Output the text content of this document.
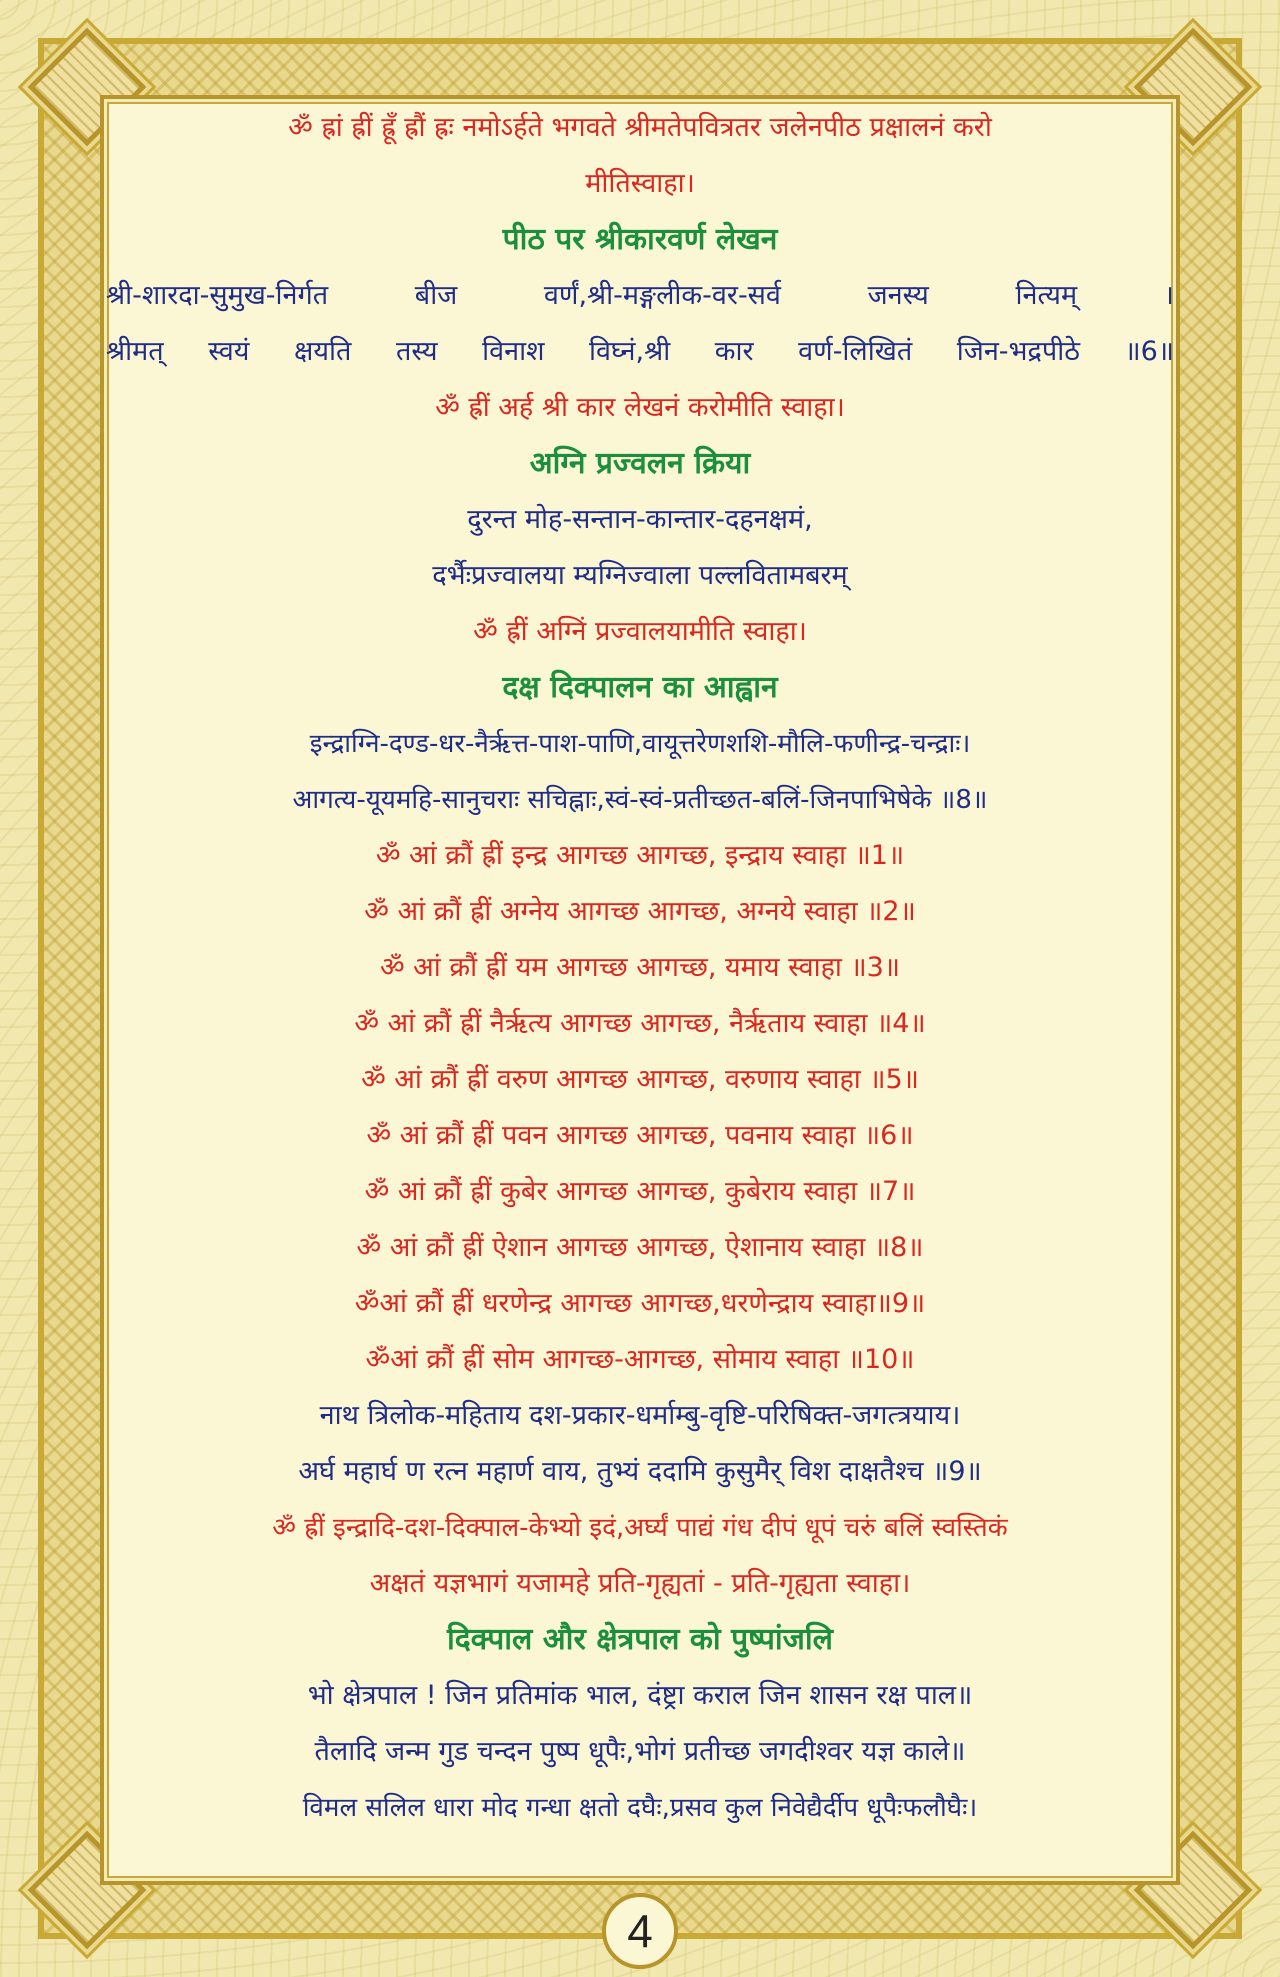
ॐ ह्रां ह्रीं ह्रूँ ह्रौं ह्रः नमोऽर्हते भगवते श्रीमतेपवित्रतर जलेनपीठ प्रक्षालनं करो
मीतिस्वाहा।
पीठ पर श्रीकारवर्ण लेखन
श्री-शारदा-सुमुख-निर्गत बीज वर्णं,श्री-मङ्गलीक-वर-सर्व जनस्य नित्यम् ।
श्रीमत् स्वयं क्षयति तस्य विनाश विघ्नं,श्री कार वर्ण-लिखितं जिन-भद्रपीठे ॥6॥
ॐ ह्रीं अर्ह श्री कार लेखनं करोमीति स्वाहा।
अग्नि प्रज्वलन क्रिया
दुरन्त मोह-सन्तान-कान्तार-दहनक्षमं,
दर्भैःप्रज्वालया म्यग्निज्वाला पल्लवितामबरम्
ॐ ह्रीं अग्निं प्रज्वालयामीति स्वाहा।
दक्ष दिक्पालन का आह्वान
इन्द्राग्नि-दण्ड-धर-नैर्ऋत्त-पाश-पाणि,वायूत्तरेणशशि-मौलि-फणीन्द्र-चन्द्राः।
आगत्य-यूयमहि-सानुचराः सचिह्नाः,स्वं-स्वं-प्रतीच्छत-बलिं-जिनपाभिषेके ॥8॥
ॐ आं क्रौं ह्रीं इन्द्र आगच्छ आगच्छ, इन्द्राय स्वाहा ॥1॥
ॐ आं क्रौं ह्रीं अग्नेय आगच्छ आगच्छ, अग्नये स्वाहा ॥2॥
ॐ आं क्रौं ह्रीं यम आगच्छ आगच्छ, यमाय स्वाहा ॥3॥
ॐ आं क्रौं ह्रीं नैर्ऋत्य आगच्छ आगच्छ, नैर्ऋताय स्वाहा ॥4॥
ॐ आं क्रौं ह्रीं वरुण आगच्छ आगच्छ, वरुणाय स्वाहा ॥5॥
ॐ आं क्रौं ह्रीं पवन आगच्छ आगच्छ, पवनाय स्वाहा ॥6॥
ॐ आं क्रौं ह्रीं कुबेर आगच्छ आगच्छ, कुबेराय स्वाहा ॥7॥
ॐ आं क्रौं ह्रीं ऐशान आगच्छ आगच्छ, ऐशानाय स्वाहा ॥8॥
ॐआं क्रौं ह्रीं धरणेन्द्र आगच्छ आगच्छ,धरणेन्द्राय स्वाहा॥9॥
ॐआं क्रौं ह्रीं सोम आगच्छ-आगच्छ, सोमाय स्वाहा ॥10॥
नाथ त्रिलोक-महिताय दश-प्रकार-धर्माम्बु-वृष्टि-परिषिक्त-जगत्त्रयाय।
अर्घ महार्घ ण रत्न महार्ण वाय, तुभ्यं ददामि कुसुमैर् विश दाक्षतैश्च ॥9॥
ॐ ह्रीं इन्द्रादि-दश-दिक्पाल-केभ्यो इदं,अर्घ्यं पाद्यं गंध दीपं धूपं चरुं बलिं स्वस्तिकं
अक्षतं यज्ञभागं यजामहे प्रति-गृह्यतां - प्रति-गृह्यता स्वाहा।
दिक्पाल और क्षेत्रपाल को पुष्पांजलि
भो क्षेत्रपाल ! जिन प्रतिमांक भाल, दंष्ट्रा कराल जिन शासन रक्ष पाल॥
तैलादि जन्म गुड चन्दन पुष्प धूपैः,भोगं प्रतीच्छ जगदीश्वर यज्ञ काले॥
विमल सलिल धारा मोद गन्धा क्षतो दघैः,प्रसव कुल निवेद्यैर्दीप धूपैःफलौघैः।
4
